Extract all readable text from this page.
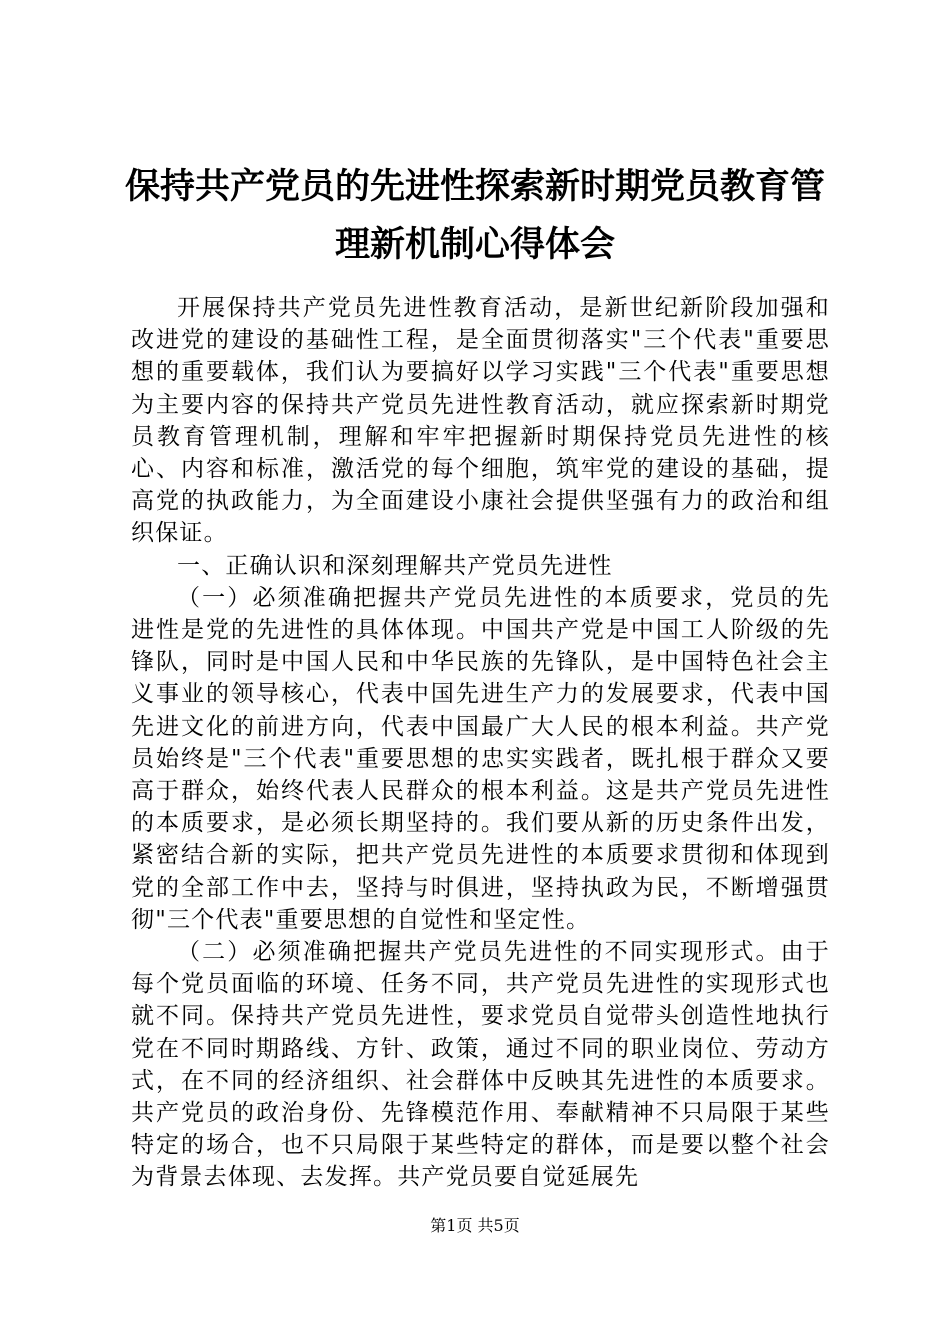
保持共产党员的先进性探索新时期党员教育管理新机制心得体会

开展保持共产党员先进性教育活动，是新世纪新阶段加强和改进党的建设的基础性工程，是全面贯彻落实"三个代表"重要思想的重要载体，我们认为要搞好以学习实践"三个代表"重要思想为主要内容的保持共产党员先进性教育活动，就应探索新时期党员教育管理机制，理解和牢牢把握新时期保持党员先进性的核心、内容和标准，激活党的每个细胞，筑牢党的建设的基础，提高党的执政能力，为全面建设小康社会提供坚强有力的政治和组织保证。

一、正确认识和深刻理解共产党员先进性

（一）必须准确把握共产党员先进性的本质要求，党员的先进性是党的先进性的具体体现。中国共产党是中国工人阶级的先锋队，同时是中国人民和中华民族的先锋队，是中国特色社会主义事业的领导核心，代表中国先进生产力的发展要求，代表中国先进文化的前进方向，代表中国最广大人民的根本利益。共产党员始终是"三个代表"重要思想的忠实实践者，既扎根于群众又要高于群众，始终代表人民群众的根本利益。这是共产党员先进性的本质要求，是必须长期坚持的。我们要从新的历史条件出发，紧密结合新的实际，把共产党员先进性的本质要求贯彻和体现到党的全部工作中去，坚持与时俱进，坚持执政为民，不断增强贯彻"三个代表"重要思想的自觉性和坚定性。

（二）必须准确把握共产党员先进性的不同实现形式。由于每个党员面临的环境、任务不同，共产党员先进性的实现形式也就不同。保持共产党员先进性，要求党员自觉带头创造性地执行党在不同时期路线、方针、政策，通过不同的职业岗位、劳动方式，在不同的经济组织、社会群体中反映其先进性的本质要求。共产党员的政治身份、先锋模范作用、奉献精神不只局限于某些特定的场合，也不只局限于某些特定的群体，而是要以整个社会为背景去体现、去发挥。共产党员要自觉延展先

第1页 共5页
